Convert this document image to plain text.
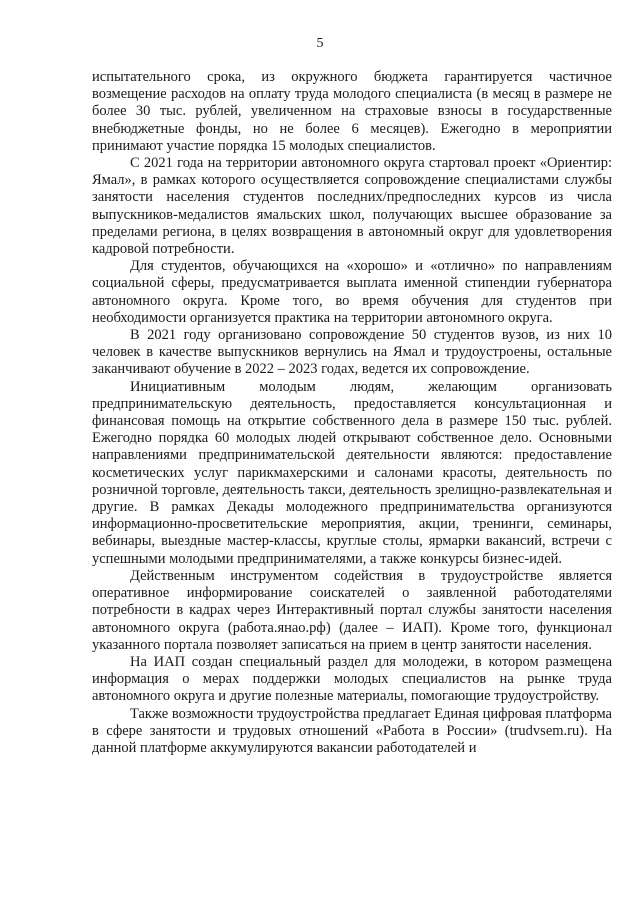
5

испытательного срока, из окружного бюджета гарантируется частичное возмещение расходов на оплату труда молодого специалиста (в месяц в размере не более 30 тыс. рублей, увеличенном на страховые взносы в государственные внебюджетные фонды, но не более 6 месяцев). Ежегодно в мероприятии принимают участие порядка 15 молодых специалистов.

С 2021 года на территории автономного округа стартовал проект «Ориентир: Ямал», в рамках которого осуществляется сопровождение специалистами службы занятости населения студентов последних/предпоследних курсов из числа выпускников-медалистов ямальских школ, получающих высшее образование за пределами региона, в целях возвращения в автономный округ для удовлетворения кадровой потребности.

Для студентов, обучающихся на «хорошо» и «отлично» по направлениям социальной сферы, предусматривается выплата именной стипендии губернатора автономного округа. Кроме того, во время обучения для студентов при необходимости организуется практика на территории автономного округа.

В 2021 году организовано сопровождение 50 студентов вузов, из них 10 человек в качестве выпускников вернулись на Ямал и трудоустроены, остальные заканчивают обучение в 2022 – 2023 годах, ведется их сопровождение.

Инициативным молодым людям, желающим организовать предпринимательскую деятельность, предоставляется консультационная и финансовая помощь на открытие собственного дела в размере 150 тыс. рублей. Ежегодно порядка 60 молодых людей открывают собственное дело. Основными направлениями предпринимательской деятельности являются: предоставление косметических услуг парикмахерскими и салонами красоты, деятельность по розничной торговле, деятельность такси, деятельность зрелищно-развлекательная и другие. В рамках Декады молодежного предпринимательства организуются информационно-просветительские мероприятия, акции, тренинги, семинары, вебинары, выездные мастер-классы, круглые столы, ярмарки вакансий, встречи с успешными молодыми предпринимателями, а также конкурсы бизнес-идей.

Действенным инструментом содействия в трудоустройстве является оперативное информирование соискателей о заявленной работодателями потребности в кадрах через Интерактивный портал службы занятости населения автономного округа (работа.янао.рф) (далее – ИАП). Кроме того, функционал указанного портала позволяет записаться на прием в центр занятости населения.

На ИАП создан специальный раздел для молодежи, в котором размещена информация о мерах поддержки молодых специалистов на рынке труда автономного округа и другие полезные материалы, помогающие трудоустройству.

Также возможности трудоустройства предлагает Единая цифровая платформа в сфере занятости и трудовых отношений «Работа в России» (trudvsem.ru). На данной платформе аккумулируются вакансии работодателей и
